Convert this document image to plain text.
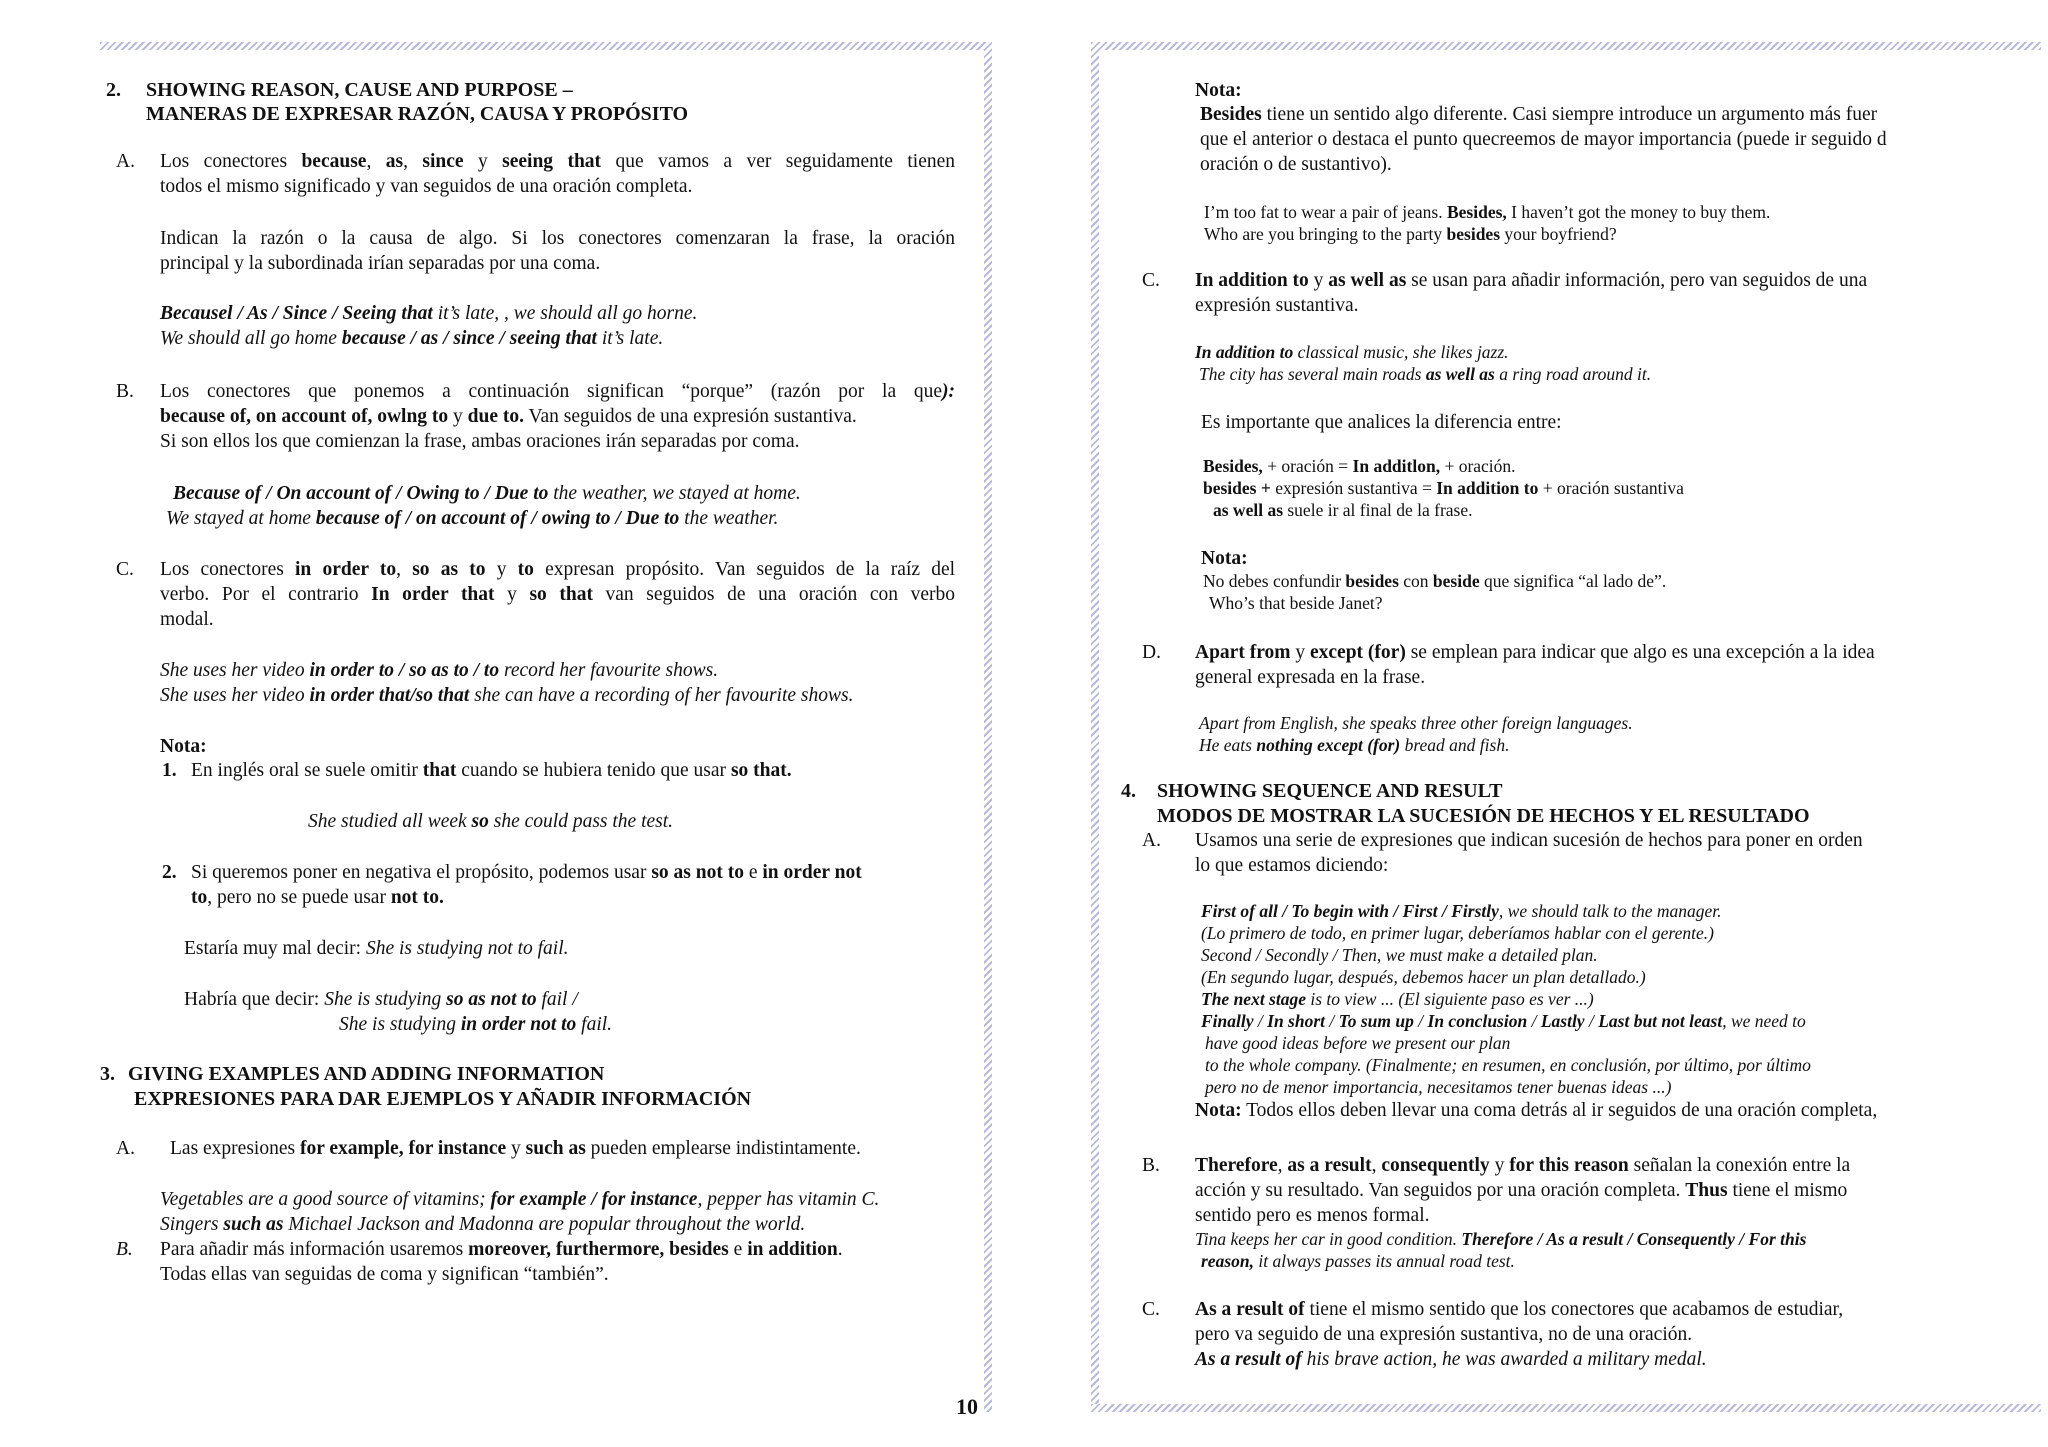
2. SHOWING REASON, CAUSE AND PURPOSE –
MANERAS DE EXPRESAR RAZÓN, CAUSA Y PROPÓSITO
A. Los conectores because, as, since y seeing that que vamos a ver seguidamente tienen
todos el mismo significado y van seguidos de una oración completa.
Indican la razón o la causa de algo. Si los conectores comenzaran la frase, la oración
principal y la subordinada irían separadas por una coma.
Becausel / As / Since / Seeing that it’s late, , we should all go horne.
We should all go home because / as / since / seeing that it’s late.
B. Los conectores que ponemos a continuación significan “porque” (razón por la que):
because of, on account of, owlng to y due to. Van seguidos de una expresión sustantiva.
Si son ellos los que comienzan la frase, ambas oraciones irán separadas por coma.
Because of / On account of / Owing to / Due to the weather, we stayed at home.
We stayed at home because of / on account of / owing to / Due to the weather.
C. Los conectores in order to, so as to y to expresan propósito. Van seguidos de la raíz del
verbo. Por el contrario In order that y so that van seguidos de una oración con verbo
modal.
She uses her video in order to / so as to / to record her favourite shows.
She uses her video in order that/so that she can have a recording of her favourite shows.
Nota:
1. En inglés oral se suele omitir that cuando se hubiera tenido que usar so that.
She studied all week so she could pass the test.
2. Si queremos poner en negativa el propósito, podemos usar so as not to e in order not
to, pero no se puede usar not to.
Estaría muy mal decir: She is studying not to fail.
Habría que decir: She is studying so as not to fail /
She is studying in order not to fail.
3. GIVING EXAMPLES AND ADDING INFORMATION
EXPRESIONES PARA DAR EJEMPLOS Y AÑADIR INFORMACIÓN
A. Las expresiones for example, for instance y such as pueden emplearse indistintamente.
Vegetables are a good source of vitamins; for example / for instance, pepper has vitamin C.
Singers such as Michael Jackson and Madonna are popular throughout the world.
B. Para añadir más información usaremos moreover, furthermore, besides e in addition.
Todas ellas van seguidas de coma y significan “también”.
10
Nota:
Besides tiene un sentido algo diferente. Casi siempre introduce un argumento más fuer
que el anterior o destaca el punto quecreemos de mayor importancia (puede ir seguido d
oración o de sustantivo).
I’m too fat to wear a pair of jeans. Besides, I haven’t got the money to buy them.
Who are you bringing to the party besides your boyfriend?
C. In addition to y as well as se usan para añadir información, pero van seguidos de una
expresión sustantiva.
In addition to classical music, she likes jazz.
The city has several main roads as well as a ring road around it.
Es importante que analices la diferencia entre:
Besides, + oración = In additlon, + oración.
besides + expresión sustantiva = In addition to + oración sustantiva
as well as suele ir al final de la frase.
Nota:
No debes confundir besides con beside que significa “al lado de”.
Who’s that beside Janet?
D. Apart from y except (for) se emplean para indicar que algo es una excepción a la idea
general expresada en la frase.
Apart from English, she speaks three other foreign languages.
He eats nothing except (for) bread and fish.
4. SHOWING SEQUENCE AND RESULT
MODOS DE MOSTRAR LA SUCESIÓN DE HECHOS Y EL RESULTADO
A. Usamos una serie de expresiones que indican sucesión de hechos para poner en orden
lo que estamos diciendo:
First of all / To begin with / First / Firstly, we should talk to the manager.
(Lo primero de todo, en primer lugar, deberíamos hablar con el gerente.)
Second / Secondly / Then, we must make a detailed plan.
(En segundo lugar, después, debemos hacer un plan detallado.)
The next stage is to view ... (El siguiente paso es ver ...)
Finally / In short / To sum up / In conclusion / Lastly / Last but not least, we need to
have good ideas before we present our plan
to the whole company. (Finalmente; en resumen, en conclusión, por último, por último
pero no de menor importancia, necesitamos tener buenas ideas ...)
Nota: Todos ellos deben llevar una coma detrás al ir seguidos de una oración completa,
B. Therefore, as a result, consequently y for this reason señalan la conexión entre la
acción y su resultado. Van seguidos por una oración completa. Thus tiene el mismo
sentido pero es menos formal.
Tina keeps her car in good condition. Therefore / As a result / Consequently / For this
reason, it always passes its annual road test.
C. As a result of tiene el mismo sentido que los conectores que acabamos de estudiar,
pero va seguido de una expresión sustantiva, no de una oración.
As a result of his brave action, he was awarded a military medal.
